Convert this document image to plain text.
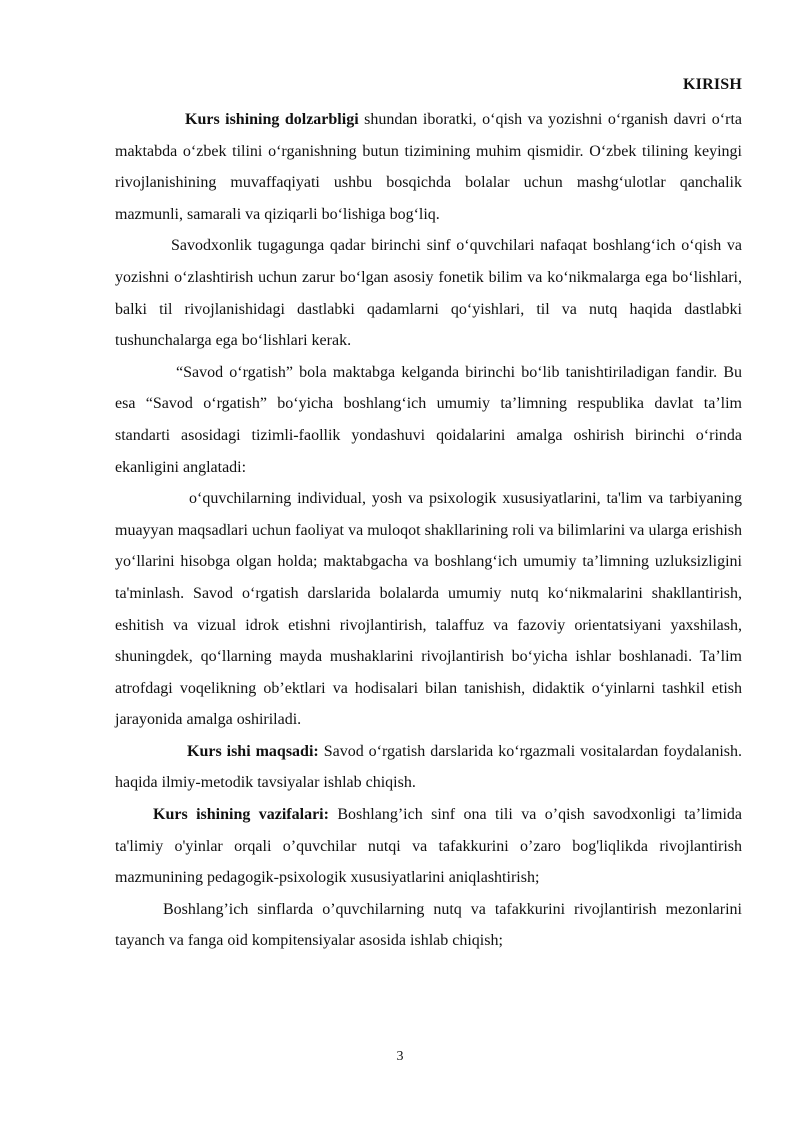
KIRISH

Kurs ishining dolzarbligi shundan iboratki, o‘qish va yozishni o‘rganish davri o‘rta maktabda o‘zbek tilini o‘rganishning butun tizimining muhim qismidir. O‘zbek tilining keyingi rivojlanishining muvaffaqiyati ushbu bosqichda bolalar uchun mashg‘ulotlar qanchalik mazmunli, samarali va qiziqarli bo‘lishiga bog‘liq.

Savodxonlik tugagunga qadar birinchi sinf o‘quvchilari nafaqat boshlang‘ich o‘qish va yozishni o‘zlashtirish uchun zarur bo‘lgan asosiy fonetik bilim va ko‘nikmalarga ega bo‘lishlari, balki til rivojlanishidagi dastlabki qadamlarni qo‘yishlari, til va nutq haqida dastlabki tushunchalarga ega bo‘lishlari kerak.

“Savod o‘rgatish” bola maktabga kelganda birinchi bo‘lib tanishtiriladigan fandir. Bu esa “Savod o‘rgatish” bo‘yicha boshlang‘ich umumiy ta’limning respublika davlat ta’lim standarti asosidagi tizimli-faollik yondashuvi qoidalarini amalga oshirish birinchi o‘rinda ekanligini anglatadi:

o‘quvchilarning individual, yosh va psixologik xususiyatlarini, ta'lim va tarbiyaning muayyan maqsadlari uchun faoliyat va muloqot shakllarining roli va bilimlarini va ularga erishish yo‘llarini hisobga olgan holda; maktabgacha va boshlang‘ich umumiy ta’limning uzluksizligini ta'minlash. Savod o‘rgatish darslarida bolalarda umumiy nutq ko‘nikmalarini shakllantirish, eshitish va vizual idrok etishni rivojlantirish, talaffuz va fazoviy orientatsiyani yaxshilash, shuningdek, qo‘llarning mayda mushaklarini rivojlantirish bo‘yicha ishlar boshlanadi. Ta’lim atrofdagi voqelikning ob’ektlari va hodisalari bilan tanishish, didaktik o‘yinlarni tashkil etish jarayonida amalga oshiriladi.

Kurs ishi maqsadi: Savod o‘rgatish darslarida ko‘rgazmali vositalardan foydalanish. haqida ilmiy-metodik tavsiyalar ishlab chiqish.

Kurs ishining vazifalari: Boshlang’ich sinf ona tili va o’qish savodxonligi ta’limida ta'limiy o'yinlar orqali o’quvchilar nutqi va tafakkurini o’zaro bog'liqlikda rivojlantirish mazmunining pedagogik-psixologik xususiyatlarini aniqlashtirish;

Boshlang’ich sinflarda o’quvchilarning nutq va tafakkurini rivojlantirish mezonlarini tayanch va fanga oid kompitensiyalar asosida ishlab chiqish;

3
